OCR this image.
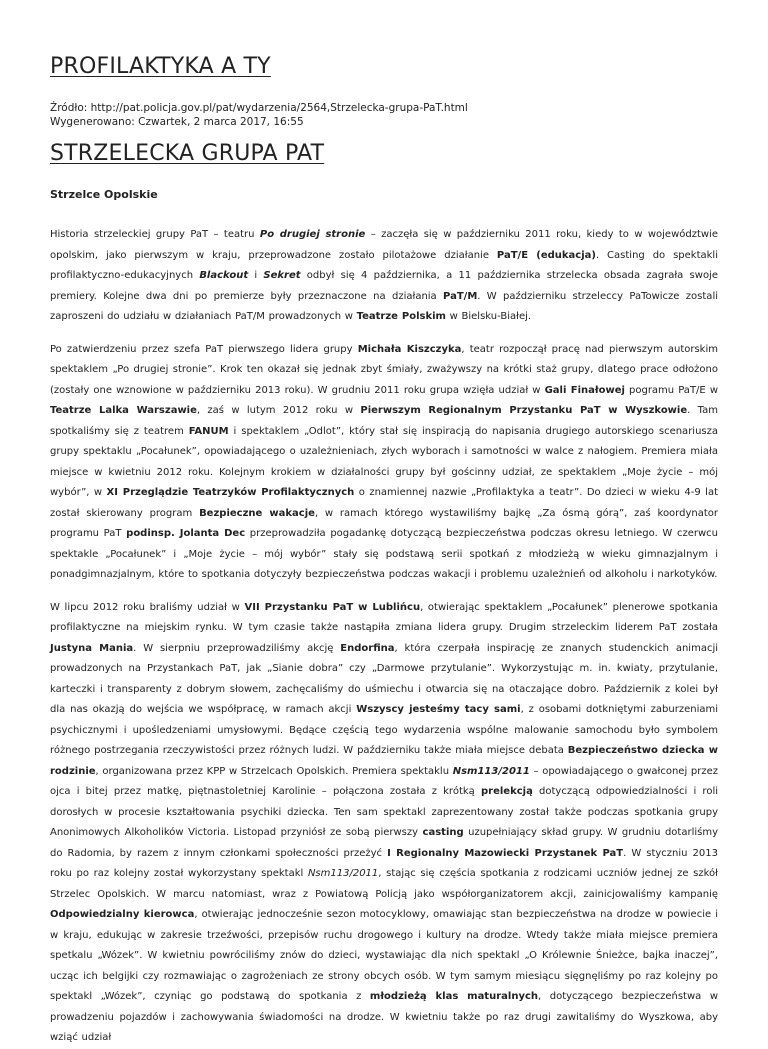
PROFILAKTYKA A TY
Źródło: http://pat.policja.gov.pl/pat/wydarzenia/2564,Strzelecka-grupa-PaT.html
Wygenerowano: Czwartek, 2 marca 2017, 16:55
STRZELECKA GRUPA PAT
Strzelce Opolskie

Historia strzeleckiej grupy PaT – teatru Po drugiej stronie – zaczęła się w październiku 2011 roku, kiedy to w województwie opolskim, jako pierwszym w kraju, przeprowadzone zostało pilotażowe działanie PaT/E (edukacja). Casting do spektakli profilaktyczno-edukacyjnych Blackout i Sekret odbył się 4 października, a 11 października strzelecka obsada zagrała swoje premiery. Kolejne dwa dni po premierze były przeznaczone na działania PaT/M. W październiku strzeleccy PaTowicze zostali zaproszeni do udziału w działaniach PaT/M prowadzonych w Teatrze Polskim w Bielsku-Białej.

Po zatwierdzeniu przez szefa PaT pierwszego lidera grupy Michała Kiszczyka, teatr rozpoczął pracę nad pierwszym autorskim spektaklem „Po drugiej stronie”. Krok ten okazał się jednak zbyt śmiały, zważywszy na krótki staż grupy, dlatego prace odłożono (zostały one wznowione w październiku 2013 roku). W grudniu 2011 roku grupa wzięła udział w Gali Finałowej pogramu PaT/E w Teatrze Lalka Warszawie, zaś w lutym 2012 roku w Pierwszym Regionalnym Przystanku PaT w Wyszkowie. Tam spotkaliśmy się z teatrem FANUM i spektaklem „Odlot”, który stał się inspiracją do napisania drugiego autorskiego scenariusza grupy spektaklu „Pocałunek”, opowiadającego o uzależnieniach, złych wyborach i samotności w walce z nałogiem. Premiera miała miejsce w kwietniu 2012 roku. Kolejnym krokiem w działalności grupy był gościnny udział, ze spektaklem „Moje życie – mój wybór”, w XI Przeglądzie Teatrzyków Profilaktycznych o znamiennej nazwie „Profilaktyka a teatr”. Do dzieci w wieku 4-9 lat został skierowany program Bezpieczne wakacje, w ramach którego wystawiliśmy bajkę „Za ósmą górą”, zaś koordynator programu PaT podinsp. Jolanta Dec przeprowadziła pogadankę dotyczącą bezpieczeństwa podczas okresu letniego. W czerwcu spektakle „Pocałunek” i „Moje życie – mój wybór” stały się podstawą serii spotkań z młodzieżą w wieku gimnazjalnym i ponadgimnazjalnym, które to spotkania dotyczyły bezpieczeństwa podczas wakacji i problemu uzależnień od alkoholu i narkotyków.

W lipcu 2012 roku braliśmy udział w VII Przystanku PaT w Lublińcu, otwierając spektaklem „Pocałunek” plenerowe spotkania profilaktyczne na miejskim rynku. W tym czasie także nastąpiła zmiana lidera grupy. Drugim strzeleckim liderem PaT została Justyna Mania. W sierpniu przeprowadziliśmy akcję Endorfina, która czerpała inspirację ze znanych studenckich animacji prowadzonych na Przystankach PaT, jak „Sianie dobra” czy „Darmowe przytulanie”. Wykorzystując m. in. kwiaty, przytulanie, karteczki i transparenty z dobrym słowem, zachęcaliśmy do uśmiechu i otwarcia się na otaczające dobro. Październik z kolei był dla nas okazją do wejścia we współpracę, w ramach akcji Wszyscy jesteśmy tacy sami, z osobami dotkniętymi zaburzeniami psychicznymi i upośledzeniami umysłowymi. Będące częścią tego wydarzenia wspólne malowanie samochodu było symbolem różnego postrzegania rzeczywistości przez różnych ludzi. W październiku także miała miejsce debata Bezpieczeństwo dziecka w rodzinie, organizowana przez KPP w Strzelcach Opolskich. Premiera spektaklu Nsm113/2011 – opowiadającego o gwałconej przez ojca i bitej przez matkę, piętnastoletniej Karolinie – połączona została z krótką prelekcją dotyczącą odpowiedzialności i roli dorosłych w procesie kształtowania psychiki dziecka. Ten sam spektakl zaprezentowany został także podczas spotkania grupy Anonimowych Alkoholików Victoria. Listopad przyniósł ze sobą pierwszy casting uzupełniający skład grupy. W grudniu dotarliśmy do Radomia, by razem z innym członkami społeczności przeżyć I Regionalny Mazowiecki Przystanek PaT. W styczniu 2013 roku po raz kolejny został wykorzystany spektakl Nsm113/2011, stając się częścia spotkania z rodzicami uczniów jednej ze szkół Strzelec Opolskich. W marcu natomiast, wraz z Powiatową Policją jako współorganizatorem akcji, zainicjowaliśmy kampanię Odpowiedzialny kierowca, otwierając jednocześnie sezon motocyklowy, omawiając stan bezpieczeństwa na drodze w powiecie i w kraju, edukując w zakresie trzeźwości, przepisów ruchu drogowego i kultury na drodze. Wtedy także miała miejsce premiera spetkalu „Wózek”. W kwietniu powróciliśmy znów do dzieci, wystawiając dla nich spektakl „O Królewnie Śnieżce, bajka inaczej”, ucząc ich belgijki czy rozmawiając o zagrożeniach ze strony obcych osób. W tym samym miesiącu sięgnęliśmy po raz kolejny po spektakl „Wózek”, czyniąc go podstawą do spotkania z młodzieżą klas maturalnych, dotyczącego bezpieczeństwa w prowadzeniu pojazdów i zachowywania świadomości na drodze. W kwietniu także po raz drugi zawitaliśmy do Wyszkowa, aby wziąć udział
